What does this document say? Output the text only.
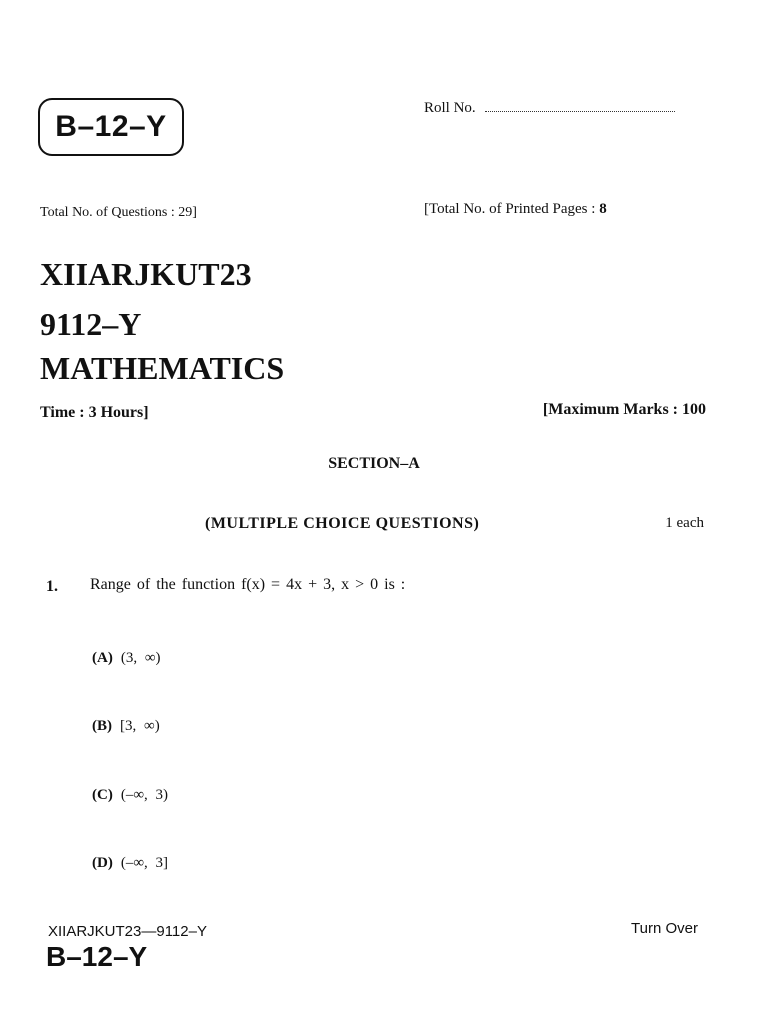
B–12–Y
Roll No.
Total No. of Questions : 29]	[Total No. of Printed Pages : 8
XIIARJKUT23
9112–Y
MATHEMATICS
Time : 3 Hours]	[Maximum Marks : 100
SECTION–A
(MULTIPLE CHOICE QUESTIONS)	1 each
1. Range of the function f(x) = 4x + 3, x > 0 is :
(A) (3, ∞)
(B) [3, ∞)
(C) (–∞, 3)
(D) (–∞, 3]
XIIARJKUT23—9112–Y
B–12–Y
Turn Over
